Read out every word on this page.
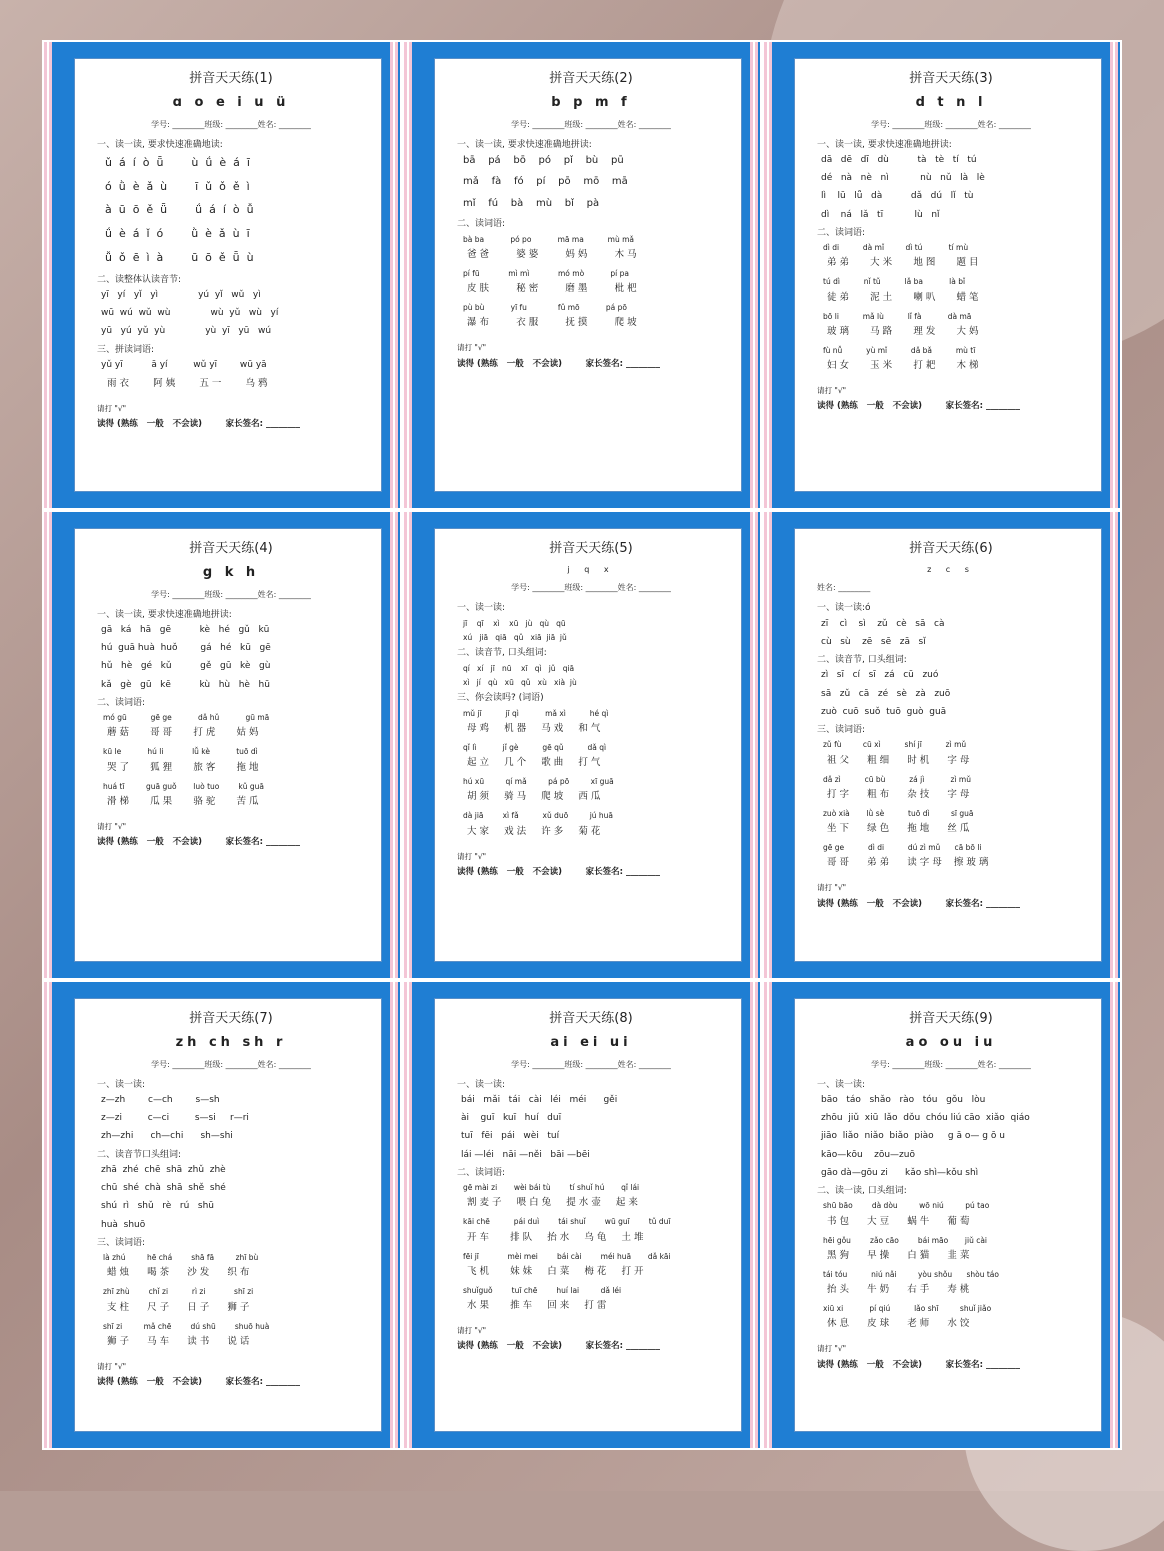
拼音天天练(1)
ɑ o e i u ü
学号: ________班级: ________姓名: ________
一、读一读, 要求快速准确地读:
ǔ  á  í  ò  ǖ        ù  ǘ  è  á  ī
ó  ǜ  è  ǎ  ù        ī  ǔ  ǒ  ě  ì
à  ū  ō  ě  ǖ        ǘ  á  í  ò  ǚ
ǘ  è  á  ǐ  ó        ǜ  è  ǎ  ù  ī
ǚ  ǒ  ē  ì  à        ū  ō  ě  ǖ  ù
二、读整体认读音节:
yī   yí   yǐ   yì              yú  yǐ   wǔ   yì
wū  wú  wǔ  wù              wù  yǔ   wù   yí
yū   yú  yǔ  yù              yù  yī   yū   wú
三、拼读词语:
yǔ yī          ā yí         wǔ yī        wū yā
雨 衣        阿 姨        五 一        乌 鸦
请打 "√"
读得 (熟练   一般   不会读)        家长签名: ________
拼音天天练(2)
b p m f
学号: ________班级: ________姓名: ________
一、读一读, 要求快速准确地拼读:
bā    pá    bō    pó    pǐ    bù    pū
mǎ    fà    fó    pí    pō    mō    mā
mǐ    fú    bà    mù    bǐ    pà
二、读词语:
bà ba           pó po           mā ma          mù mǎ
爸 爸         婆 婆         妈 妈         木 马
pí fū            mì mì            mó mò           pí pa
皮 肤         秘 密         磨 墨         枇 杷
pù bù           yī fu             fǔ mō           pá pō
瀑 布         衣 服         抚 摸         爬 坡
请打 "√"
读得 (熟练   一般   不会读)        家长签名: ________
拼音天天练(3)
d t n l
学号: ________班级: ________姓名: ________
一、读一读, 要求快速准确地拼读:
dā   dē   dī   dù          tà   tè   tí   tú
dé   nà   nè   nì           nù   nǔ   là   lè
lì    lū   lǚ   dà          dǎ   dú   lǐ   tù
dì    ná   lǎ   tī           lù   nǐ
二、读词语:
dì di          dà mǐ         dì tú           tí mù
弟 弟       大 米       地 图       题 目
tú dì          nǐ tǔ          lǎ ba           là bǐ
徒 弟       泥 土       喇 叭       蜡 笔
bō li          mǎ lù          lǐ fà           dà mā
玻 璃       马 路       理 发       大 妈
fù nǚ          yù mǐ          dǎ bǎ          mù tī
妇 女       玉 米       打 耙       木 梯
请打 "√"
读得 (熟练   一般   不会读)        家长签名: ________
拼音天天练(4)
g k h
学号: ________班级: ________姓名: ________
一、读一读, 要求快速准确地拼读:
gā   ká   hā   gē          kè   hé   gǔ   kū
hú  guā huà  huǒ        gá   hé   kū   gē
hǔ   hè   gé   kǔ          gě   gū   kè   gù
kǎ   gè   gū   kē          kù   hù   hè   hū
二、读词语:
mó gū          gē ge           dǎ hǔ           gū mā
蘑 菇       哥 哥       打 虎       姑 妈
kū le           hú li            lǚ kè           tuō dì
哭 了       狐 狸       旅 客       拖 地
huá tī         guā guǒ       luò tuo        kǔ guā
滑 梯       瓜 果       骆 驼       苦 瓜
请打 "√"
读得 (熟练   一般   不会读)        家长签名: ________
拼音天天练(5)
j q x
学号: ________班级: ________姓名: ________
一、读一读:
jī    qī    xì    xū   jù   qù   qū
xú   jiā   qiā   qǔ   xiā  jiā  jǔ
二、读音节, 口头组词:
qí   xí   jī   nū    xī   qì   jǔ   qiā
xì   jí   qù   xū   qǔ   xù   xià  jù
三、你会读吗? (词语)
mǔ jī          jī qì           mǎ xì          hé qì
母 鸡     机 器     马 戏     和 气
qǐ lì           jǐ gè          gē qǔ          dǎ qì
起 立     几 个     歌 曲     打 气
hú xū         qí mǎ         pá pō         xī guā
胡 须     骑 马     爬 坡     西 瓜
dà jiā        xì fǎ          xǔ duō         jú huā
大 家     戏 法     许 多     菊 花
请打 "√"
读得 (熟练   一般   不会读)        家长签名: ________
拼音天天练(6)
z c s
姓名: ________
一、读一读:ó
zī    cì    sì    zǔ   cè   sā   cà
cù   sù    zē   sē   zā   sǐ
二、读音节, 口头组词:
zì   sī   cí   sī   zá   cū   zuó
sā   zǔ   cā   zé   sè   zà   zuō
zuò  cuō  suǒ  tuō  guò  guā
三、读词语:
zǔ fù         cū xì          shí jī          zì mǔ
祖 父      粗 细      时 机      字 母
dǎ zì          cū bù          zá jì           zì mǔ
打 字      粗 布      杂 技      字 母
zuò xià       lǜ sè          tuō dì         sī guā
坐 下      绿 色      拖 地      丝 瓜
gē ge          dì di          dú zì mǔ      cā bō li
哥 哥      弟 弟      读 字 母    擦 玻 璃
请打 "√"
读得 (熟练   一般   不会读)        家长签名: ________
拼音天天练(7)
zh ch sh r
学号: ________班级: ________姓名: ________
一、读一读:
z—zh        c—ch        s—sh
z—zi         c—ci         s—si     r—ri
zh—zhi      ch—chi      sh—shi
二、读音节口头组词:
zhā  zhé  chē  shā  zhǔ  zhè
chū  shé  chà  shā  shě  shé
shú  rì   shǔ   rè   rú   shū
huà  shuō
三、读词语:
là zhú         hē chá        shā fā         zhī bù
蜡 烛      喝 茶      沙 发      织 布
zhī zhù        chǐ zi          rì zi            shī zi
支 柱      尺 子      日 子      狮 子
shī zi         mǎ chē        dú shū        shuō huà
狮 子      马 车      读 书      说 话
请打 "√"
读得 (熟练   一般   不会读)        家长签名: ________
拼音天天练(8)
ai ei ui
学号: ________班级: ________姓名: ________
一、读一读:
bái   mǎi   tái   cài   léi   méi      gěi
ài    guī   kuī   huí   duī
tuī   fēi   pái   wèi   tuí
lái —léi   nāi —něi   bāi —bēi
二、读词语:
gē mài zi       wèi bái tù        tí shuǐ hú       qǐ lái
割 麦 子     喂 白 兔     提 水 壶     起 来
kāi chē          pái duì        tái shuǐ        wū guī        tǔ duī
开 车       排 队     抬 水     乌 龟     土 堆
fēi jī            mèi mei        bái cài        méi huā       dǎ kāi
飞 机       妹 妹     白 菜     梅 花     打 开
shuǐguǒ        tuī chē        huí lai         dǎ léi
水 果       推 车     回 来     打 雷
请打 "√"
读得 (熟练   一般   不会读)        家长签名: ________
拼音天天练(9)
ao ou iu
学号: ________班级: ________姓名: ________
一、读一读:
bāo   táo   shǎo   rào   tóu   gǒu   lòu
zhōu  jiǔ  xiū  lǎo  dǒu  chóu liú cāo  xiǎo  qiáo
jiāo  liǎo  niǎo  biǎo  piào     g ā o— g ō u
kāo—kōu    zōu—zuō
gāo dà—gōu zi      kǎo shì—kǒu shì
二、读一读, 口头组词:
shū bāo        dà dòu         wō niú         pú tao
书 包      大 豆      蜗 牛      葡 萄
hēi gǒu        zǎo cāo        bái māo       jiǔ cài
黑 狗      早 操      白 猫      韭 菜
tái tóu          niú nǎi         yòu shǒu      shòu táo
抬 头      牛 奶      右 手      寿 桃
xiū xi           pí qiú          lǎo shī         shuǐ jiǎo
休 息      皮 球      老 师      水 饺
请打 "√"
读得 (熟练   一般   不会读)        家长签名: ________
